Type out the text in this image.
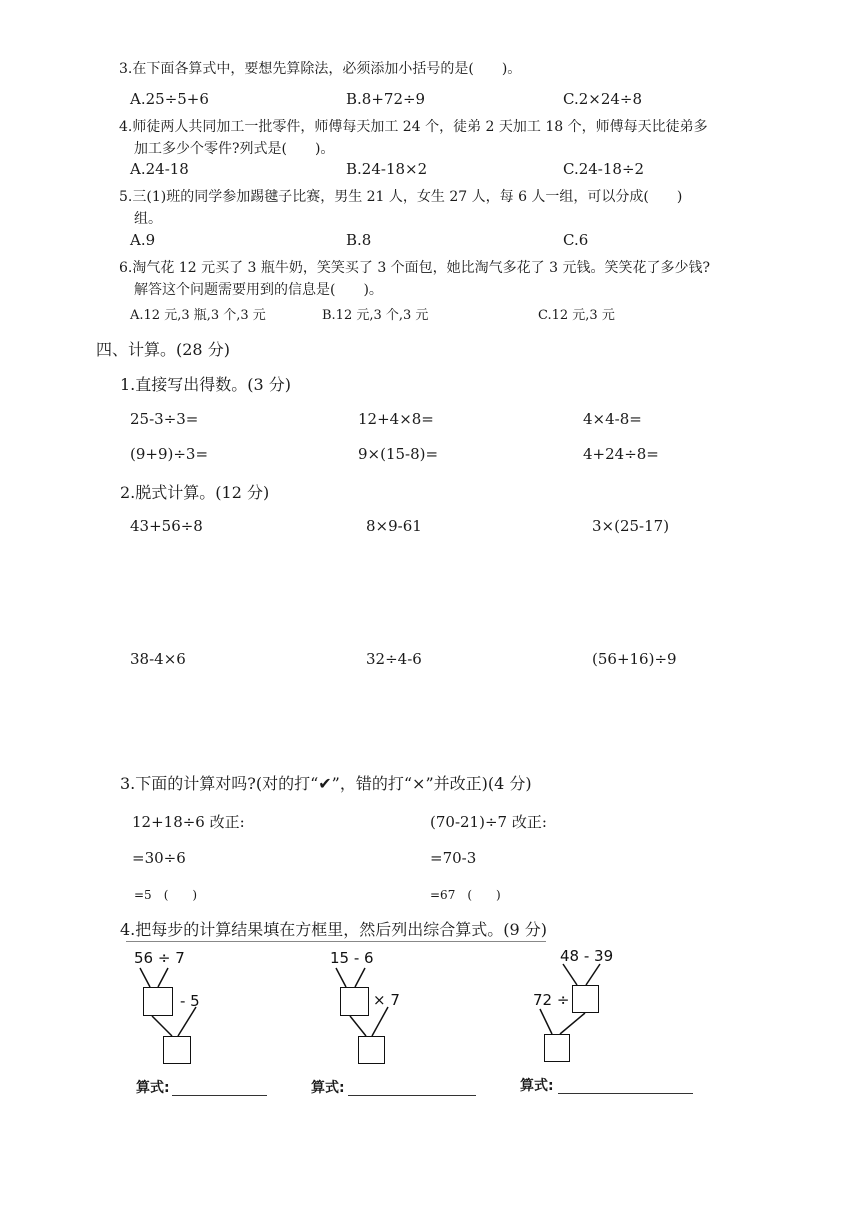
3.在下面各算式中，要想先算除法，必须添加小括号的是(　　)。
A.25÷5+6	B.8+72÷9	C.2×24÷8
4.师徒两人共同加工一批零件，师傅每天加工 24 个，徒弟 2 天加工 18 个，师傅每天比徒弟多
加工多少个零件?列式是(　　)。
A.24-18	B.24-18×2	C.24-18÷2
5.三(1)班的同学参加踢毽子比赛，男生 21 人，女生 27 人，每 6 人一组，可以分成(　　)
组。
A.9	B.8	C.6
6.淘气花 12 元买了 3 瓶牛奶，笑笑买了 3 个面包，她比淘气多花了 3 元钱。笑笑花了多少钱?
解答这个问题需要用到的信息是(　　)。
A.12 元,3 瓶,3 个,3 元	B.12 元,3 个,3 元	C.12 元,3 元
四、计算。(28 分)
1.直接写出得数。(3 分)
25-3÷3=	12+4×8=	4×4-8=
(9+9)÷3=	9×(15-8)=	4+24÷8=
2.脱式计算。(12 分)
43+56÷8	8×9-61	3×(25-17)
38-4×6	32÷4-6	(56+16)÷9
3.下面的计算对吗?(对的打“✔”，错的打“×”并改正)(4 分)
12+18÷6 改正:
=30÷6
=5　(　　)
(70-21)÷7 改正:
=70-3
=67　(　　)
4.把每步的计算结果填在方框里，然后列出综合算式。(9 分)
56 ÷ 7
- 5
算式:
15 - 6
× 7
算式:
48 - 39
72 ÷
算式:
